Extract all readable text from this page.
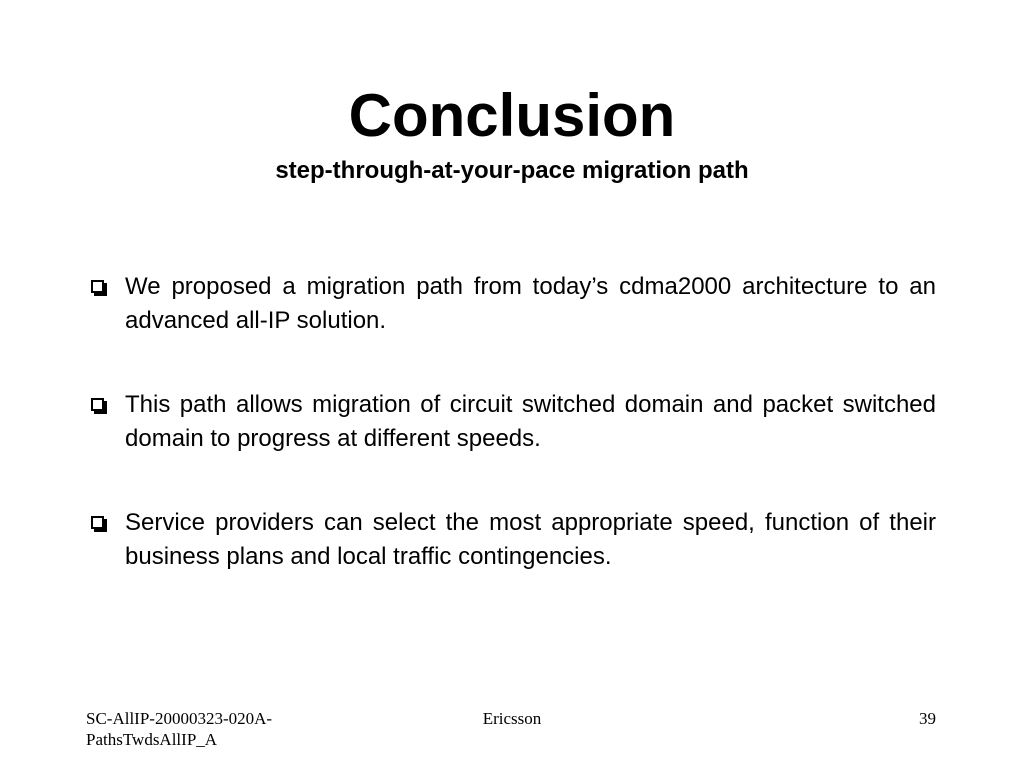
Conclusion
step-through-at-your-pace migration path
We proposed a migration path from today’s cdma2000 architecture to an advanced all-IP solution.
This path allows migration of circuit switched domain and packet switched domain to progress at different speeds.
Service providers can select the most appropriate speed, function of their business plans and local traffic contingencies.
SC-AllIP-20000323-020A-PathsTwdsAllIP_A
Ericsson	39
